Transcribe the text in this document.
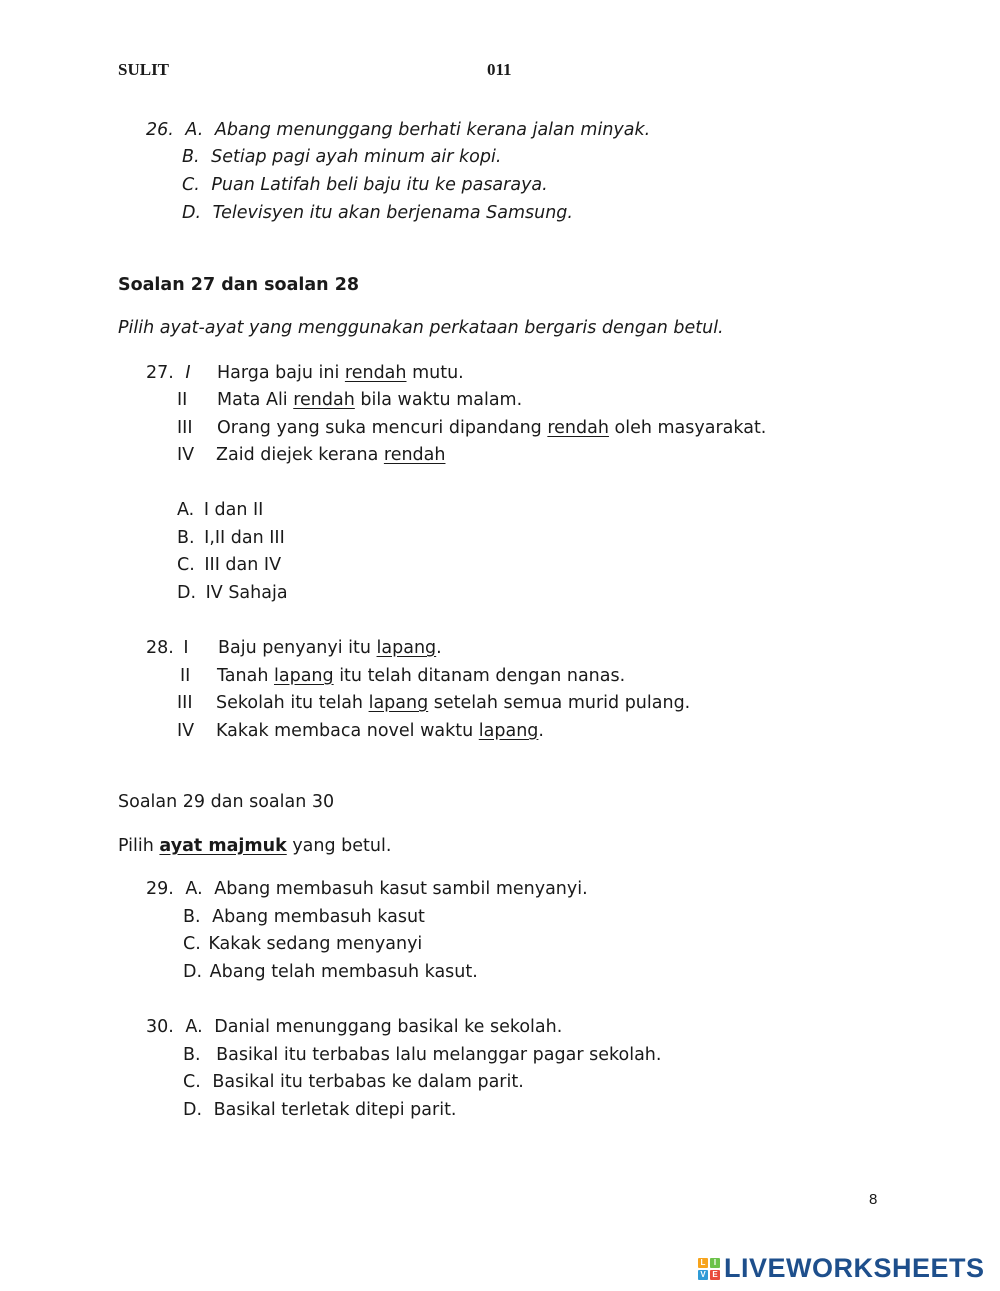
SULIT	011
26. A. Abang menunggang berhati kerana jalan minyak.
B. Setiap pagi ayah minum air kopi.
C. Puan Latifah beli baju itu ke pasaraya.
D. Televisyen itu akan berjenama Samsung.
Soalan 27 dan soalan 28
Pilih ayat-ayat yang menggunakan perkataan bergaris dengan betul.
27. I Harga baju ini rendah mutu.
II Mata Ali rendah bila waktu malam.
III Orang yang suka mencuri dipandang rendah oleh masyarakat.
IV Zaid diejek kerana rendah
A. I dan II
B. I,II dan III
C. III dan IV
D. IV Sahaja
28. I Baju penyanyi itu lapang.
II Tanah lapang itu telah ditanam dengan nanas.
III Sekolah itu telah lapang setelah semua murid pulang.
IV Kakak membaca novel waktu lapang.
Soalan 29 dan soalan 30
Pilih ayat majmuk yang betul.
29. A. Abang membasuh kasut sambil menyanyi.
B. Abang membasuh kasut
C. Kakak sedang menyanyi
D. Abang telah membasuh kasut.
30. A. Danial menunggang basikal ke sekolah.
B. Basikal itu terbabas lalu melanggar pagar sekolah.
C. Basikal itu terbabas ke dalam parit.
D. Basikal terletak ditepi parit.
8
L	I
V E LIVEWORKSHEETS
